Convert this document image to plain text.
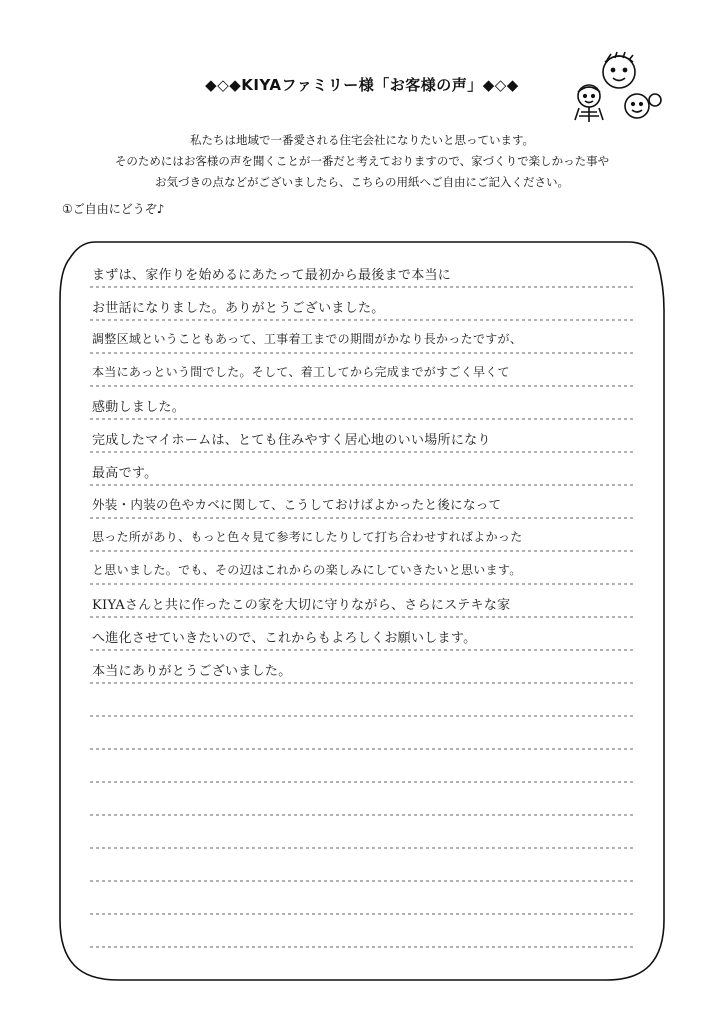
◆◇◆KIYAファミリー様「お客様の声」◆◇◆
私たちは地域で一番愛される住宅会社になりたいと思っています。
そのためにはお客様の声を聞くことが一番だと考えておりますので、家づくりで楽しかった事や
お気づきの点などがございましたら、こちらの用紙へご自由にご記入ください。
①ご自由にどうぞ♪
まずは、家作りを始めるにあたって最初から最後まで本当に
お世話になりました。ありがとうございました。
調整区域ということもあって、工事着工までの期間がかなり長かったですが、
本当にあっという間でした。そして、着工してから完成までがすごく早くて
感動しました。
完成したマイホームは、とても住みやすく居心地のいい場所になり
最高です。
外装・内装の色やカベに関して、こうしておけばよかったと後になって
思った所があり、もっと色々見て参考にしたりして打ち合わせすればよかった
と思いました。でも、その辺はこれからの楽しみにしていきたいと思います。
KIYAさんと共に作ったこの家を大切に守りながら、さらにステキな家
へ進化させていきたいので、これからもよろしくお願いします。
本当にありがとうございました。
